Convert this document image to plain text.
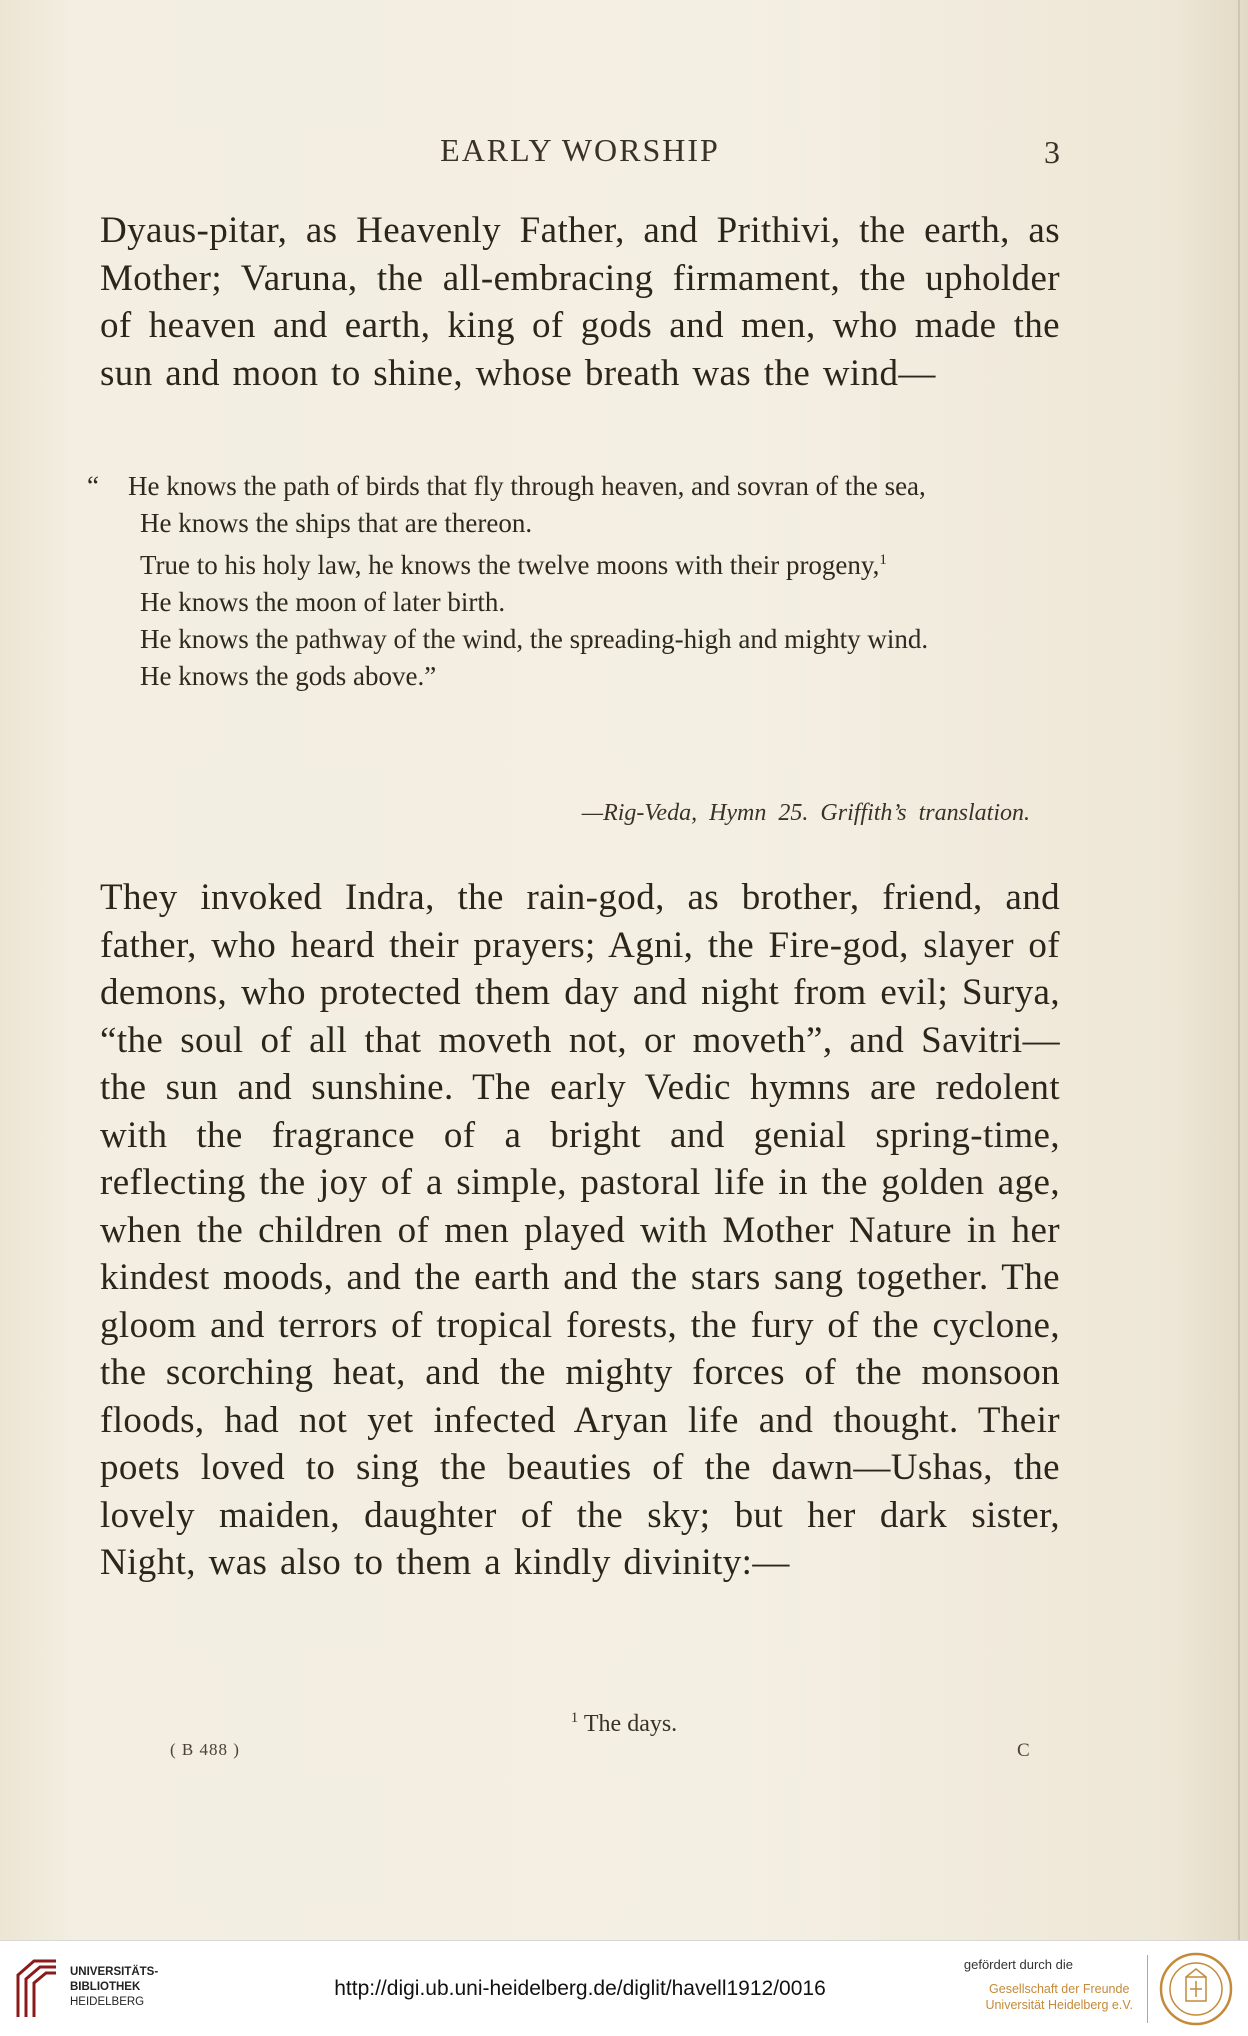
EARLY WORSHIP	3

Dyaus-pitar, as Heavenly Father, and Prithivi, the earth, as Mother; Varuna, the all-embracing firmament, the upholder of heaven and earth, king of gods and men, who made the sun and moon to shine, whose breath was the wind—

“ He knows the path of birds that fly through heaven, and sovran of the sea,
He knows the ships that are thereon.
True to his holy law, he knows the twelve moons with their progeny,$^1$
He knows the moon of later birth.
He knows the pathway of the wind, the spreading-high and mighty wind.
He knows the gods above.”
—Rig-Veda, Hymn 25. Griffith’s translation.

They invoked Indra, the rain-god, as brother, friend, and father, who heard their prayers; Agni, the Fire-god, slayer of demons, who protected them day and night from evil; Surya, “the soul of all that moveth not, or moveth”, and Savitri—the sun and sunshine. The early Vedic hymns are redolent with the fragrance of a bright and genial spring-time, reflecting the joy of a simple, pastoral life in the golden age, when the children of men played with Mother Nature in her kindest moods, and the earth and the stars sang together. The gloom and terrors of tropical forests, the fury of the cyclone, the scorching heat, and the mighty forces of the monsoon floods, had not yet infected Aryan life and thought. Their poets loved to sing the beauties of the dawn—Ushas, the lovely maiden, daughter of the sky; but her dark sister, Night, was also to them a kindly divinity:—

$^1$ The days.
( B 488 )	C
UNIVERSITÄTS-
BIBLIOTHEK
HEIDELBERG
http://digi.ub.uni-heidelberg.de/diglit/havell1912/0016
gefördert durch die
Gesellschaft der Freunde
Universität Heidelberg e.V.
